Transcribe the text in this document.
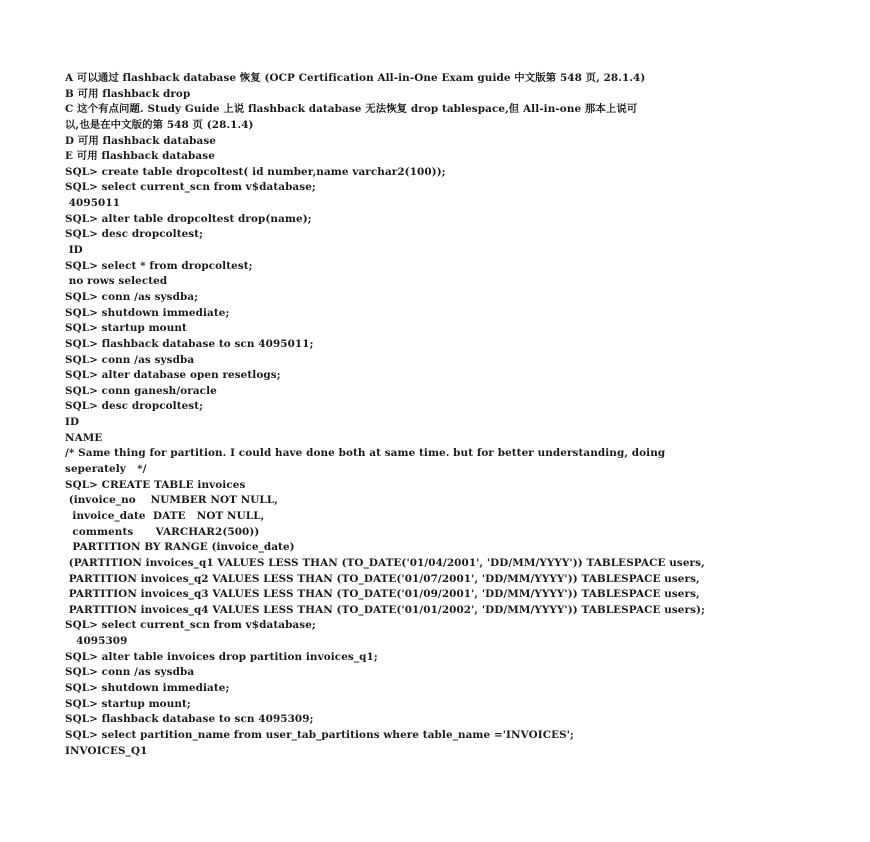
A 可以通过 flashback database 恢复 (OCP Certification All-in-One Exam guide 中文版第 548 页, 28.1.4)
B 可用 flashback drop
C 这个有点问题. Study Guide 上说 flashback database 无法恢复 drop tablespace,但 All-in-one 那本上说可
以,也是在中文版的第 548 页 (28.1.4)
D 可用 flashback database
E 可用 flashback database
SQL> create table dropcoltest( id number,name varchar2(100));
SQL> select current_scn from v$database;
4095011
SQL> alter table dropcoltest drop(name);
SQL> desc dropcoltest;
ID
SQL> select * from dropcoltest;
no rows selected
SQL> conn /as sysdba;
SQL> shutdown immediate;
SQL> startup mount
SQL> flashback database to scn 4095011;
SQL> conn /as sysdba
SQL> alter database open resetlogs;
SQL> conn ganesh/oracle
SQL> desc dropcoltest;
ID
NAME
/* Same thing for partition. I could have done both at same time. but for better understanding, doing
seperately   */
SQL> CREATE TABLE invoices
(invoice_no    NUMBER NOT NULL,
invoice_date  DATE   NOT NULL,
comments      VARCHAR2(500))
PARTITION BY RANGE (invoice_date)
(PARTITION invoices_q1 VALUES LESS THAN (TO_DATE('01/04/2001', 'DD/MM/YYYY')) TABLESPACE users,
PARTITION invoices_q2 VALUES LESS THAN (TO_DATE('01/07/2001', 'DD/MM/YYYY')) TABLESPACE users,
PARTITION invoices_q3 VALUES LESS THAN (TO_DATE('01/09/2001', 'DD/MM/YYYY')) TABLESPACE users,
PARTITION invoices_q4 VALUES LESS THAN (TO_DATE('01/01/2002', 'DD/MM/YYYY')) TABLESPACE users);
SQL> select current_scn from v$database;
4095309
SQL> alter table invoices drop partition invoices_q1;
SQL> conn /as sysdba
SQL> shutdown immediate;
SQL> startup mount;
SQL> flashback database to scn 4095309;
SQL> select partition_name from user_tab_partitions where table_name ='INVOICES';
INVOICES_Q1
